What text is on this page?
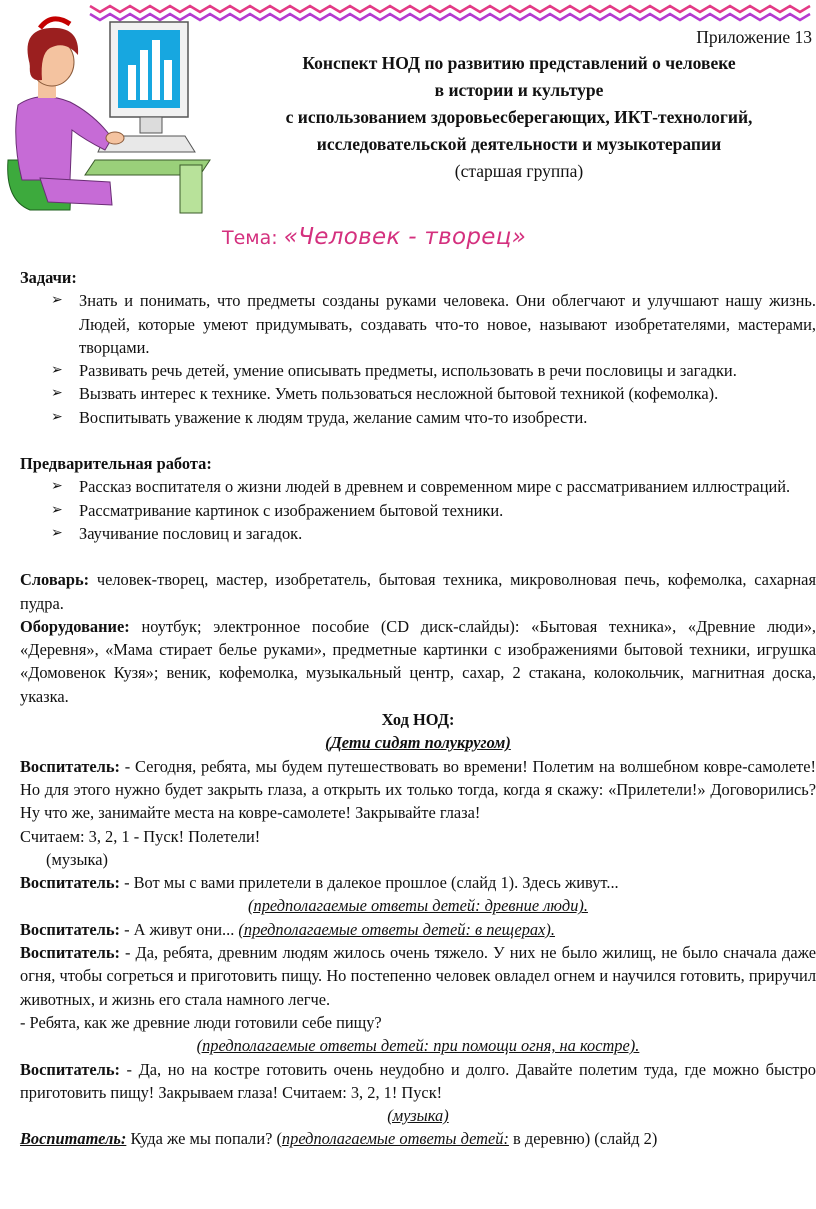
Приложение 13
Конспект НОД по развитию представлений о человеке
в истории и культуре
с использованием здоровьесберегающих, ИКТ-технологий,
исследовательской деятельности и музыкотерапии
(старшая группа)
Тема: «Человек - творец»

Задачи:

➢ Знать и понимать, что предметы созданы руками человека. Они облегчают и улучшают нашу жизнь. Людей, которые умеют придумывать, создавать что-то новое, называют изобретателями, мастерами, творцами.
➢ Развивать речь детей, умение описывать предметы, использовать в речи пословицы и загадки.
➢ Вызвать интерес к технике. Уметь пользоваться несложной бытовой техникой (кофемолка).
➢ Воспитывать уважение к людям труда, желание самим что-то изобрести.

Предварительная работа:

➢ Рассказ воспитателя о жизни людей в древнем и современном мире с рассматриванием иллюстраций.
➢ Рассматривание картинок с изображением бытовой техники.
➢ Заучивание пословиц и загадок.

Словарь: человек-творец, мастер, изобретатель, бытовая техника, микроволновая печь, кофемолка, сахарная пудра.

Оборудование: ноутбук; электронное пособие (CD диск-слайды): «Бытовая техника», «Древние люди», «Деревня», «Мама стирает белье руками», предметные картинки с изображениями бытовой техники, игрушка «Домовенок Кузя»; веник, кофемолка, музыкальный центр, сахар, 2 стакана, колокольчик, магнитная доска, указка.

Ход НОД:

(Дети сидят полукругом)

Воспитатель: - Сегодня, ребята, мы будем путешествовать во времени! Полетим на волшебном ковре-самолете! Но для этого нужно будет закрыть глаза, а открыть их только тогда, когда я скажу: «Прилетели!» Договорились? Ну что же, занимайте места на ковре-самолете! Закрывайте глаза!

Считаем: 3, 2, 1 - Пуск! Полетели!

(музыка)

Воспитатель: - Вот мы с вами прилетели в далекое прошлое (слайд 1). Здесь живут...

(предполагаемые ответы детей: древние люди).

Воспитатель: - А живут они... (предполагаемые ответы детей: в пещерах).

Воспитатель: - Да, ребята, древним людям жилось очень тяжело. У них не было жилищ, не было сначала даже огня, чтобы согреться и приготовить пищу. Но постепенно человек овладел огнем и научился готовить, приручил животных, и жизнь его стала намного легче.

- Ребята, как же древние люди готовили себе пищу?

(предполагаемые ответы детей: при помощи огня, на костре).

Воспитатель: - Да, но на костре готовить очень неудобно и долго. Давайте полетим туда, где можно быстро приготовить пищу! Закрываем глаза! Считаем: 3, 2, 1! Пуск!

(музыка)

Воспитатель: Куда же мы попали? (предполагаемые ответы детей: в деревню) (слайд 2)
